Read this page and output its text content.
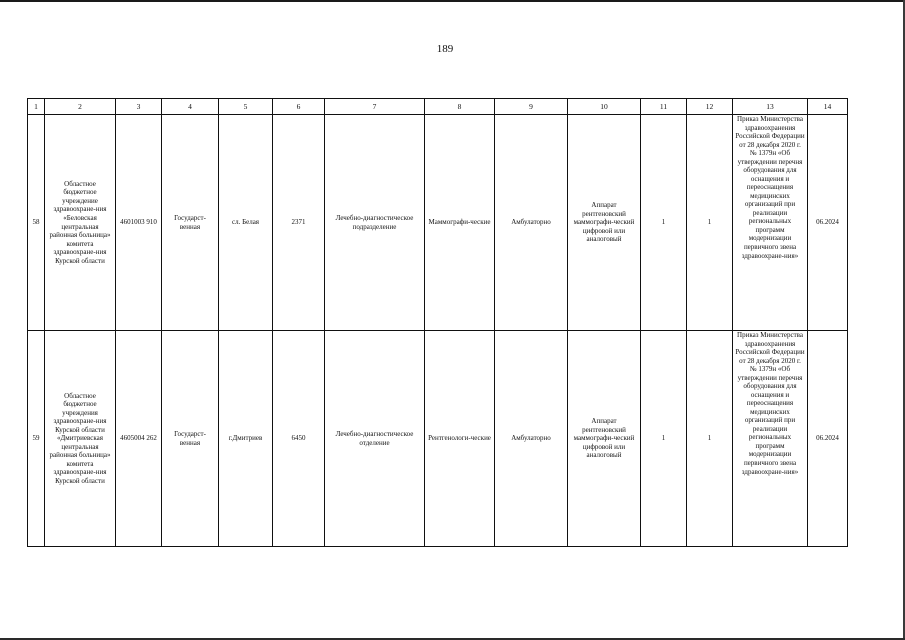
189
1	2	3	4	5	6	7	8	9	10	11	12	13	14
58	Областное бюджетное учреждение здравоохране-ния «Беловская центральная районная больница» комитета здравоохране-ния Курской области	4601003 910	Государст-венная	сл. Белая	2371	Лечебно-диагностическое подразделение	Маммографи-ческие	Амбулаторно	Аппарат рентгеновский маммографи-ческий цифровой или аналоговый	1	1	Приказ Министерства здравоохранения Российской Федерации от 28 декабря 2020 г. № 1379н «Об утверждении перечня оборудования для оснащения и переоснащения медицинских организаций при реализации региональных программ модернизации первичного звена здравоохране-ния»	06.2024
59	Областное бюджетное учреждения здравоохране-ния Курской области «Дмитриевская центральная районная больница» комитета здравоохране-ния Курской области	4605004 262	Государст-венная	г.Дмитриев	6450	Лечебно-диагностическое отделение	Рентгенологи-ческие	Амбулаторно	Аппарат рентгеновский маммографи-ческий цифровой или аналоговый	1	1	Приказ Министерства здравоохранения Российской Федерации от 28 декабря 2020 г. № 1379н «Об утверждении перечня оборудования для оснащения и переоснащения медицинских организаций при реализации региональных программ модернизации первичного звена здравоохране-ния»	06.2024
